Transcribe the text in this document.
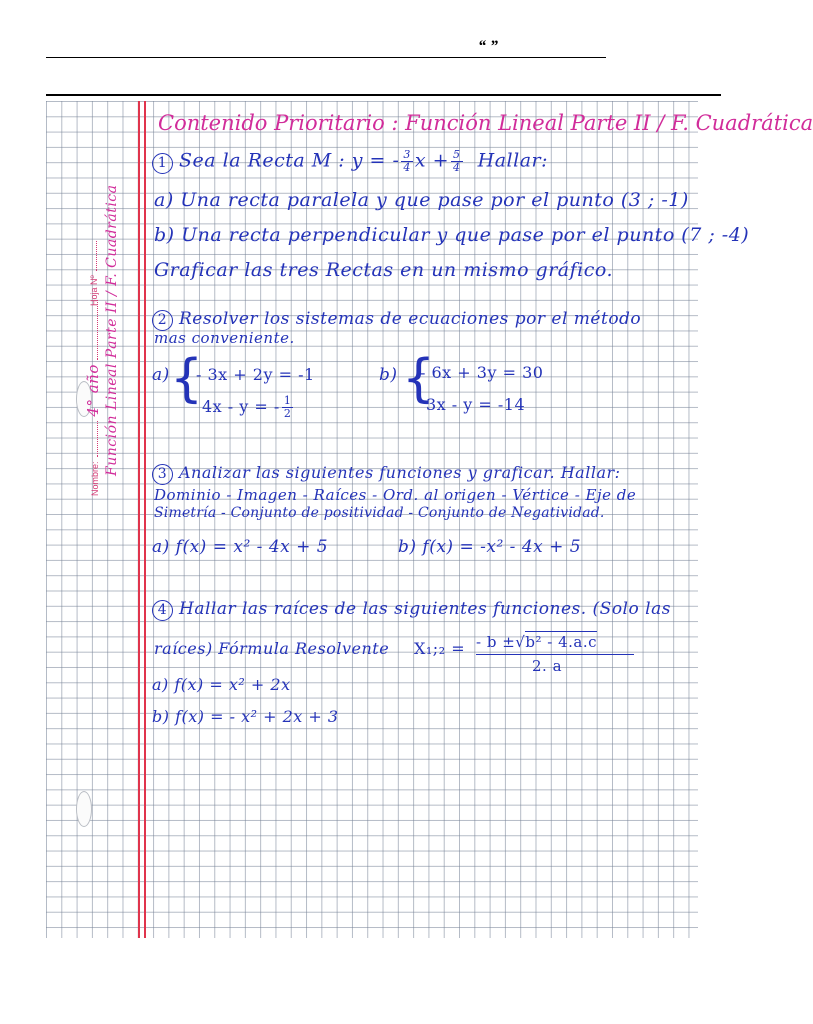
“ ”
Nombre:  4° año
Hoja Nº Función Lineal Parte II / F. Cuadrática
Contenido Prioritario : Función Lineal Parte II / F. Cuadrática
1 Sea la Recta M : y = - $\frac{3}{4}$ $x + \frac{5}{4}$ Hallar:
a) Una recta paralela y que pase por el punto (3 ; -1)
b) Una recta perpendicular y que pase por el punto (7 ; -4)
Graficar las tres Rectas en un mismo gráfico.
2 Resolver los sistemas de ecuaciones por el método
mas conveniente.
a) {
- 3x + 2y = -1
4x - y = - $\frac{1}{2}$
b) {
- 6x + 3y = 30
3x - y = -14
3 Analizar las siguientes funciones y graficar. Hallar:
Dominio - Imagen - Raíces - Ord. al origen - Vértice - Eje de
Simetría - Conjunto de positividad - Conjunto de Negatividad.
a) f(x) = x² - 4x + 5	b) f(x) = -x² - 4x + 5
4 Hallar las raíces de las siguientes funciones. (Solo las
raíces) Fórmula Resolvente X₁;₂ = - b ±√b² - 4.a.c
2. a
a) f(x) = x² + 2x
b) f(x) = - x² + 2x + 3
